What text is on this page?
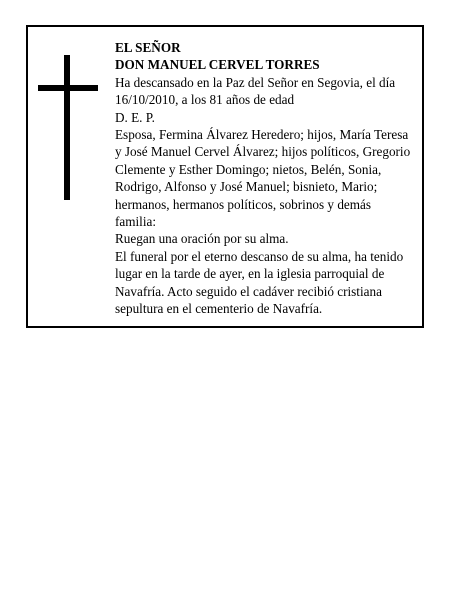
EL SEÑOR

DON MANUEL CERVEL TORRES

Ha descansado en la Paz del Señor en Segovia, el día 16/10/2010, a los 81 años de edad

D. E. P.

Esposa, Fermina Álvarez Heredero; hijos, María Teresa y José Manuel Cervel Álvarez; hijos políticos, Gregorio Clemente y Esther Domingo; nietos, Belén, Sonia, Rodrigo, Alfonso y José Manuel; bisnieto, Mario; hermanos, hermanos políticos, sobrinos y demás familia:

Ruegan una oración por su alma.

El funeral por el eterno descanso de su alma, ha tenido lugar en la tarde de ayer, en la iglesia parroquial de Navafría. Acto seguido el cadáver recibió cristiana sepultura en el cementerio de Navafría.
